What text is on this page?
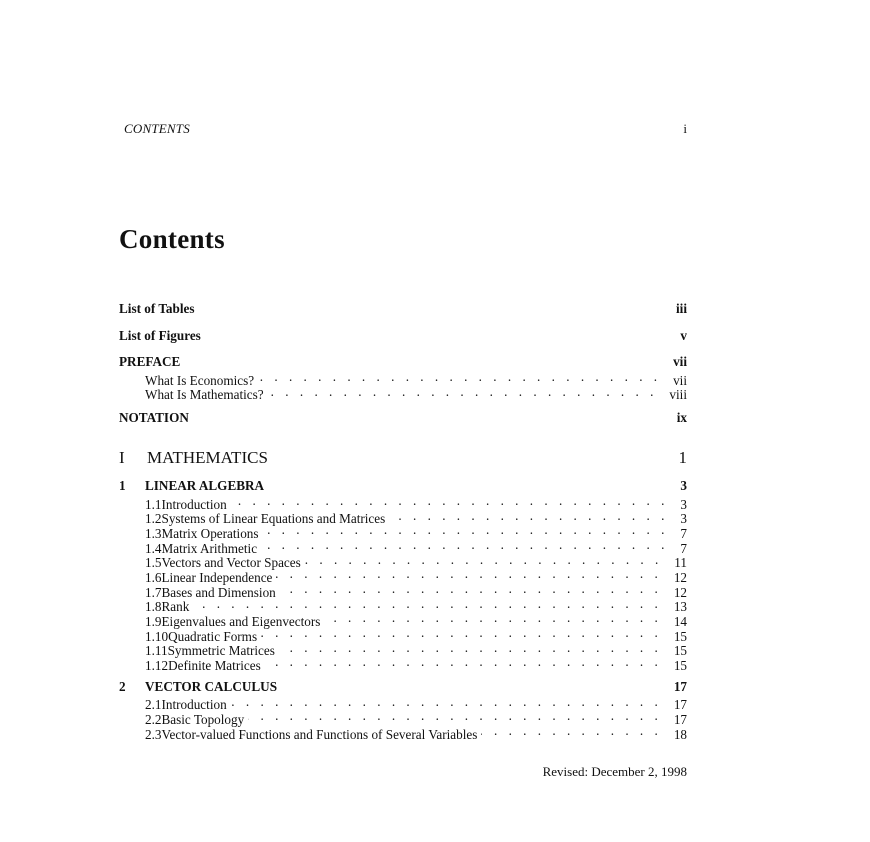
CONTENTS	i
Contents
List of Tables	iii
List of Figures	v
PREFACE	vii
What Is Economics? . . .	vii
What Is Mathematics? . . .	viii
NOTATION	ix
I	MATHEMATICS	1
1	LINEAR ALGEBRA	3
1.1 Introduction . . .	3
1.2 Systems of Linear Equations and Matrices . . .	3
1.3 Matrix Operations . . .	7
1.4 Matrix Arithmetic . . .	7
1.5 Vectors and Vector Spaces . . .	11
1.6 Linear Independence . . .	12
1.7 Bases and Dimension . . .	12
1.8 Rank . . .	13
1.9 Eigenvalues and Eigenvectors . . .	14
1.10 Quadratic Forms . . .	15
1.11 Symmetric Matrices . . .	15
1.12 Definite Matrices . . .	15
2	VECTOR CALCULUS	17
2.1 Introduction . . .	17
2.2 Basic Topology . . .	17
2.3 Vector-valued Functions and Functions of Several Variables . . .	18
Revised: December 2, 1998
